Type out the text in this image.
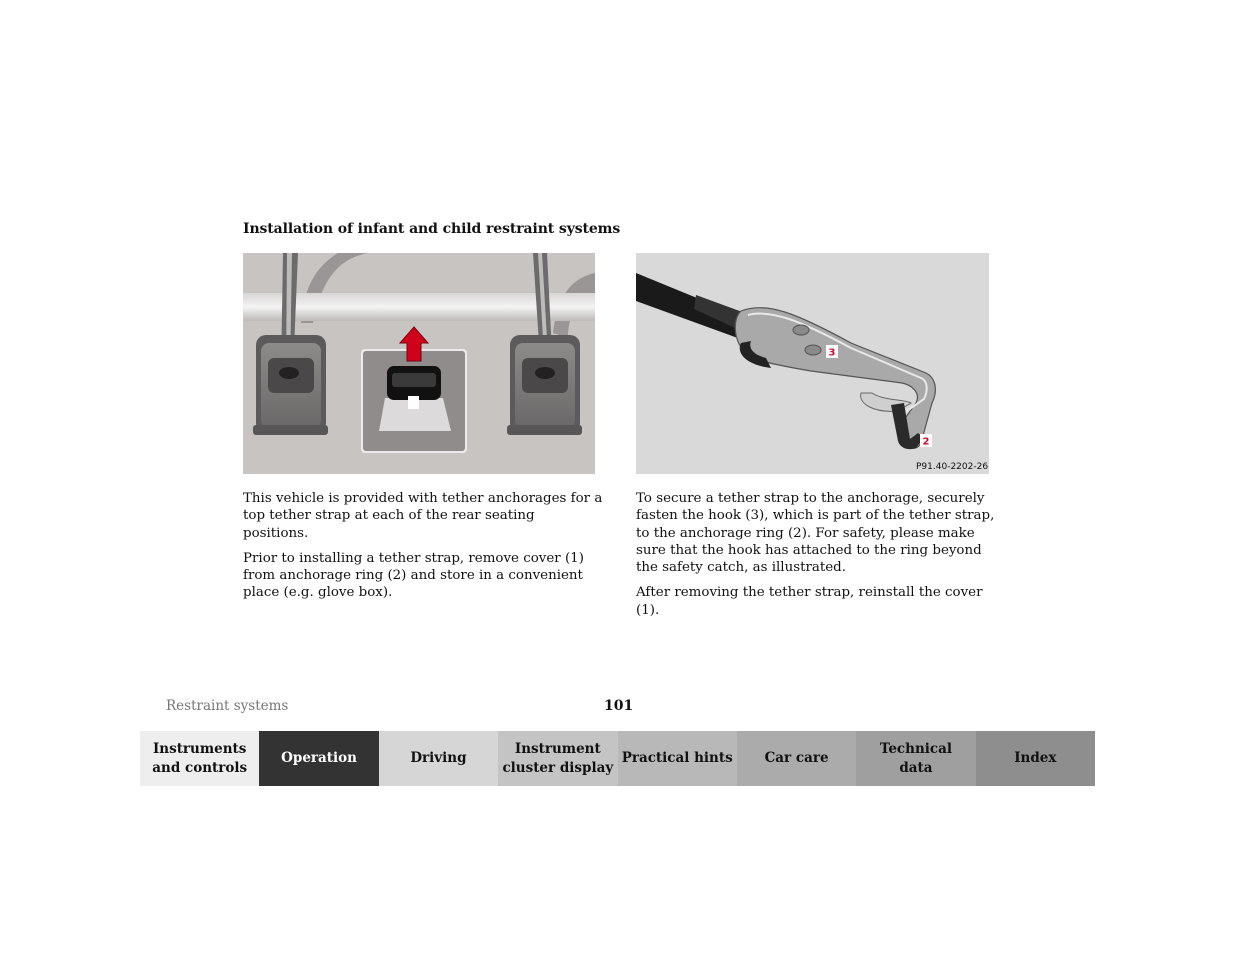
Installation of infant and child restraint systems
3
2
P91.40-2202-26

This vehicle is provided with tether anchorages for a top tether strap at each of the rear seating positions.

Prior to installing a tether strap, remove cover (1) from anchorage ring (2) and store in a convenient place (e.g. glove box).

To secure a tether strap to the anchorage, securely fasten the hook (3), which is part of the tether strap, to the anchorage ring (2). For safety, please make sure that the hook has attached to the ring beyond the safety catch, as illustrated.

After removing the tether strap, reinstall the cover (1).

Restraint systems	101
Instruments
and controls
Operation	Driving
Instrument
cluster display
Practical hints	Car care
Technical
data
Index
